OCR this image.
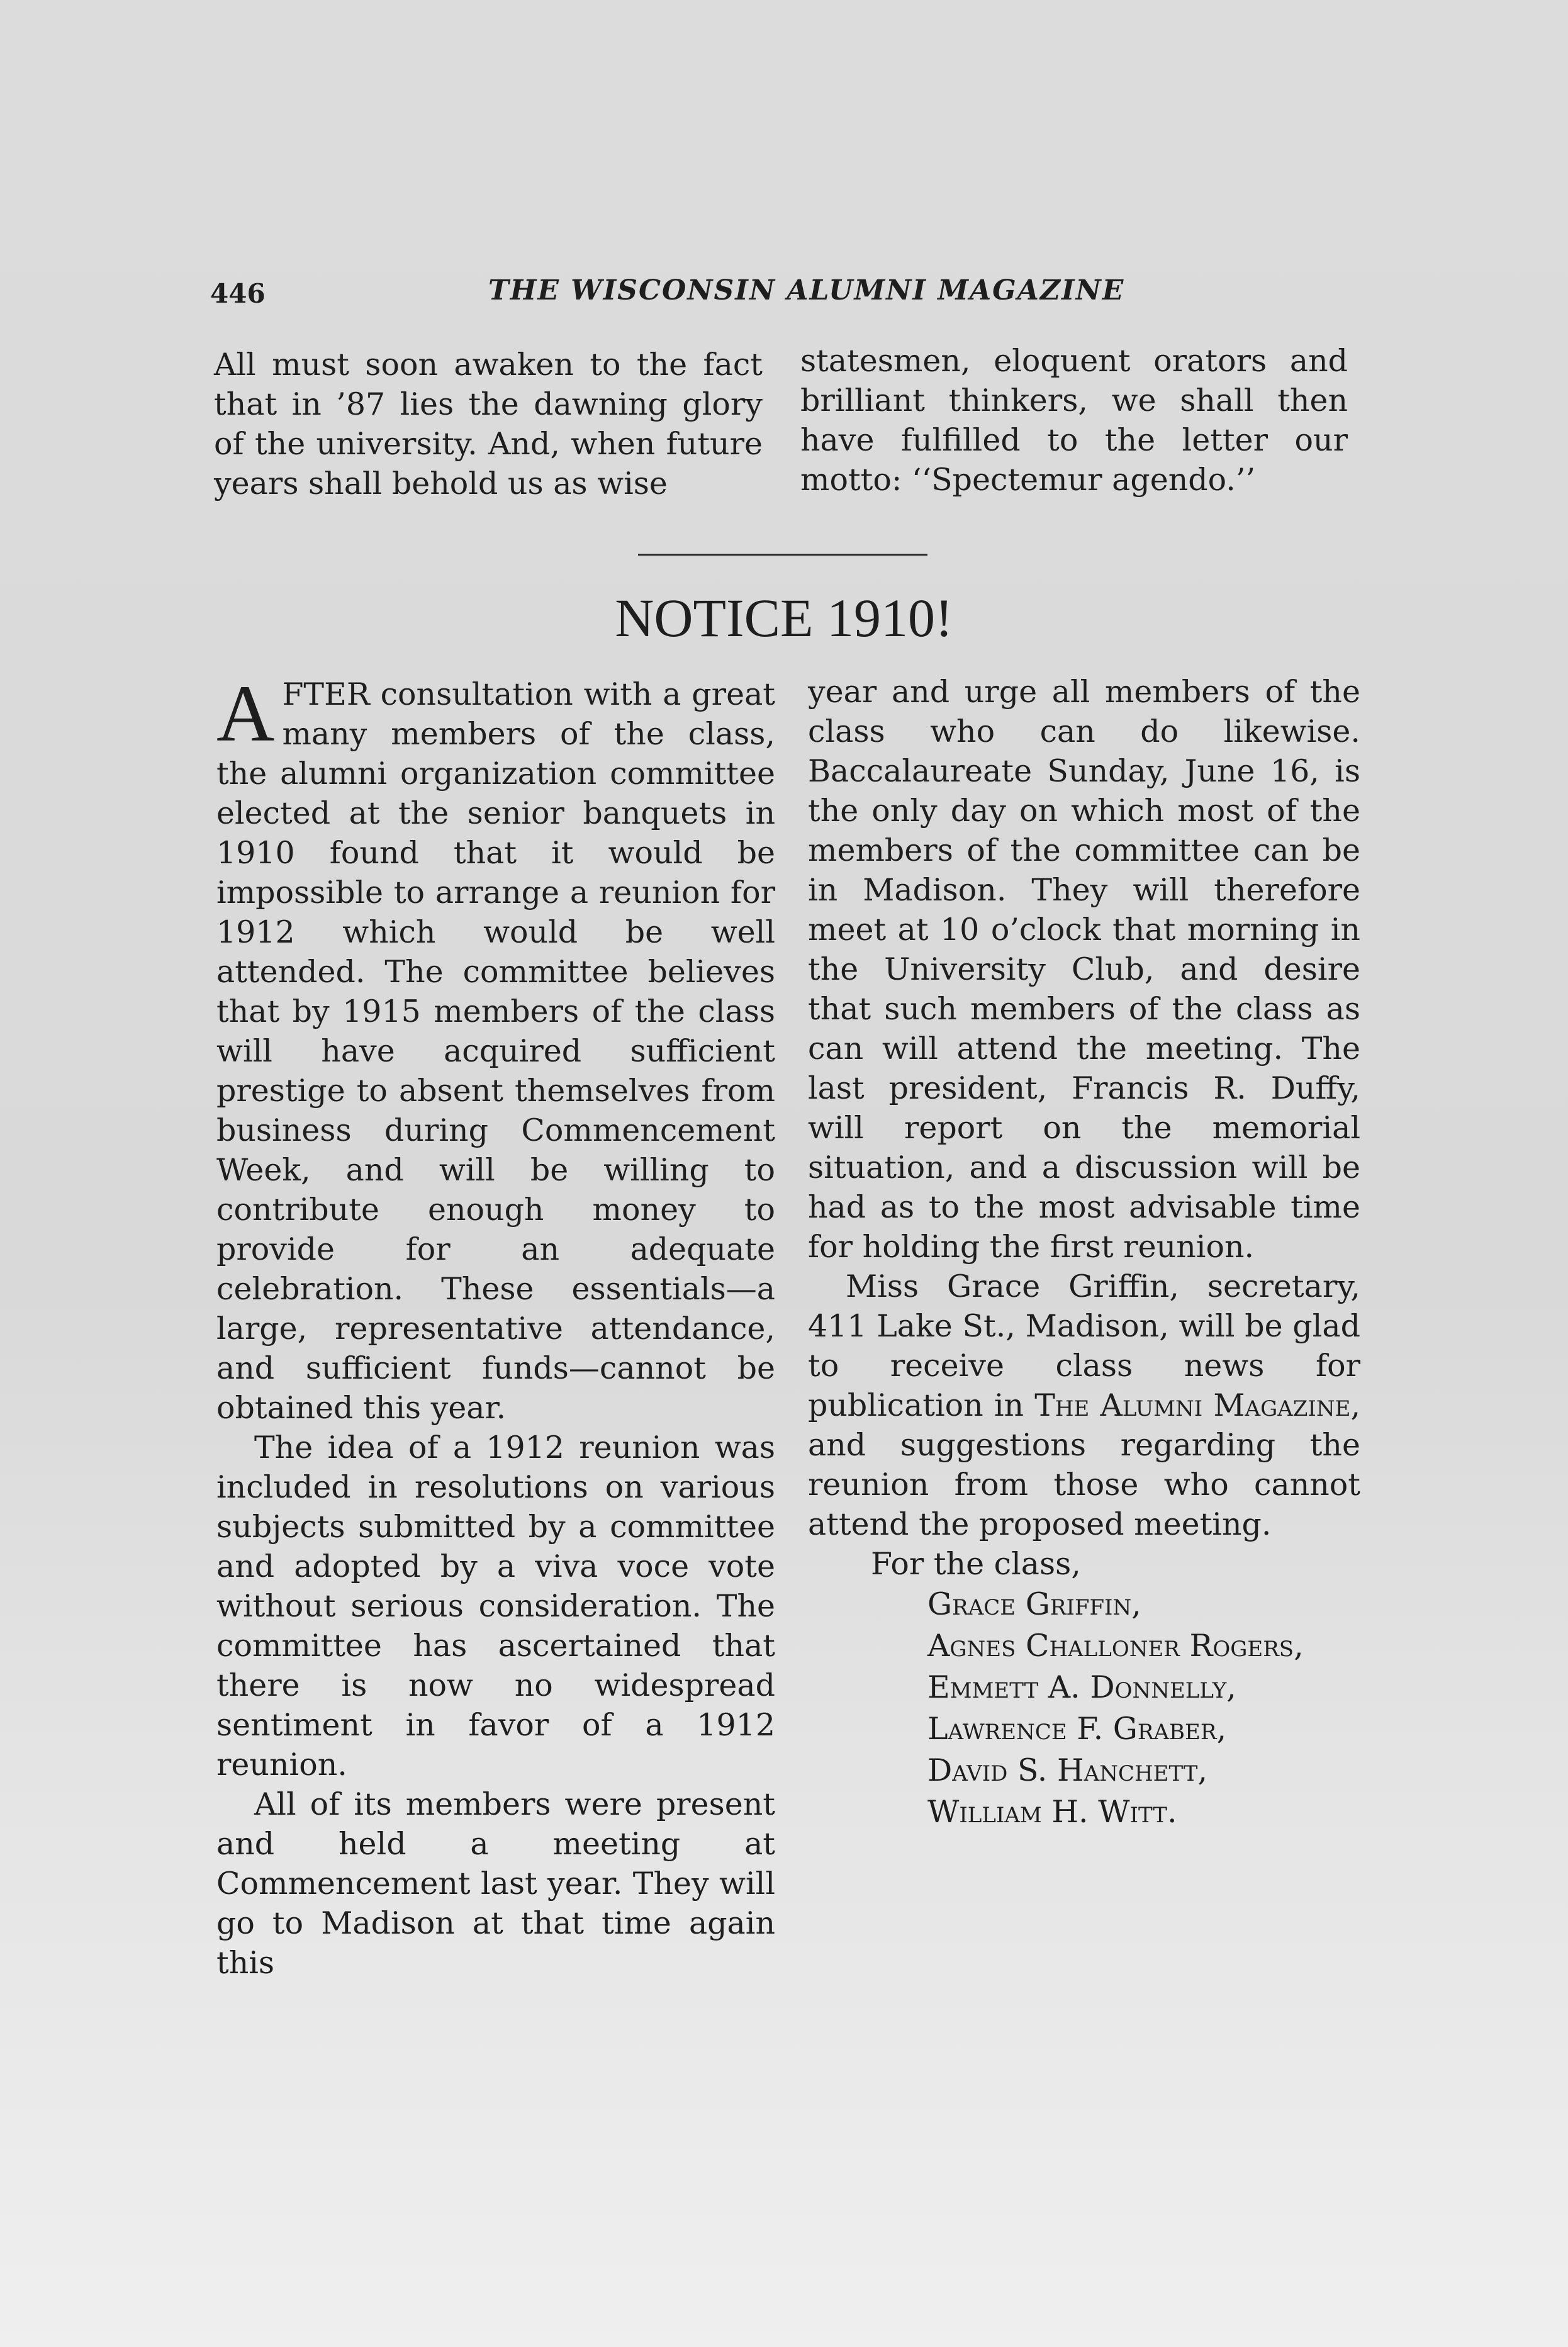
446	THE WISCONSIN ALUMNI MAGAZINE

All must soon awaken to the fact that in ’87 lies the dawning glory of the university. And, when future years shall behold us as wise

statesmen, eloquent orators and brilliant thinkers, we shall then have fulfilled to the letter our motto: ‘‘Spectemur agendo.’’

NOTICE 1910!

AFTER consultation with a great many members of the class, the alumni organization committee elected at the senior banquets in 1910 found that it would be impossible to arrange a reunion for 1912 which would be well attended. The committee believes that by 1915 members of the class will have acquired sufficient prestige to absent themselves from business during Commencement Week, and will be willing to contribute enough money to provide for an adequate celebration. These essentials—a large, representative attendance, and sufficient funds—cannot be obtained this year.

The idea of a 1912 reunion was included in resolutions on various subjects submitted by a committee and adopted by a viva voce vote without serious consideration. The committee has ascertained that there is now no widespread sentiment in favor of a 1912 reunion.

All of its members were present and held a meeting at Commencement last year. They will go to Madison at that time again this

year and urge all members of the class who can do likewise. Baccalaureate Sunday, June 16, is the only day on which most of the members of the committee can be in Madison. They will therefore meet at 10 o’clock that morning in the University Club, and desire that such members of the class as can will attend the meeting. The last president, Francis R. Duffy, will report on the memorial situation, and a discussion will be had as to the most advisable time for holding the first reunion.

Miss Grace Griffin, secretary, 411 Lake St., Madison, will be glad to receive class news for publication in The Alumni Magazine, and suggestions regarding the reunion from those who cannot attend the proposed meeting.

For the class,

Grace Griffin,

Agnes Challoner Rogers,

Emmett A. Donnelly,

Lawrence F. Graber,

David S. Hanchett,

William H. Witt.
